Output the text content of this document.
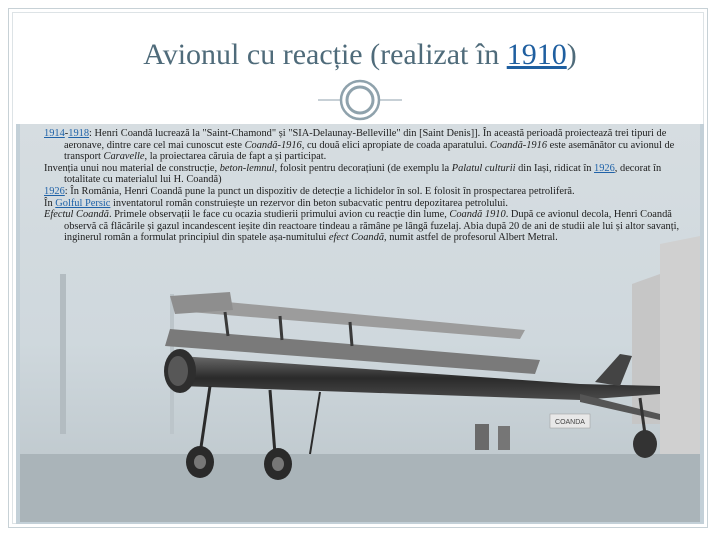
Avionul cu reacție (realizat în 1910)
COANDA

1914-1918: Henri Coandă lucrează la "Saint-Chamond" și "SIA-Delaunay-Belleville" din [Saint Denis]]. În această perioadă proiectează trei tipuri de aeronave, dintre care cel mai cunoscut este Coandă-1916, cu două elici apropiate de coada aparatului. Coandă-1916 este asemănător cu avionul de transport Caravelle, la proiectarea căruia de fapt a și participat.

Invenția unui nou material de construcție, beton-lemnul, folosit pentru decorațiuni (de exemplu la Palatul culturii din Iași, ridicat în 1926, decorat în totalitate cu materialul lui H. Coandă)

1926: În România, Henri Coandă pune la punct un dispozitiv de detecție a lichidelor în sol. E folosit în prospectarea petroliferă.

În Golful Persic inventatorul român construiește un rezervor din beton subacvatic pentru depozitarea petrolului.

Efectul Coandă. Primele observații le face cu ocazia studierii primului avion cu reacție din lume, Coandă 1910. După ce avionul decola, Henri Coandă observă că flăcările și gazul incandescent ieșite din reactoare tindeau a rămâne pe lângă fuzelaj. Abia după 20 de ani de studii ale lui și altor savanți, inginerul român a formulat principiul din spatele așa-numitului efect Coandă, numit astfel de profesorul Albert Metral.
